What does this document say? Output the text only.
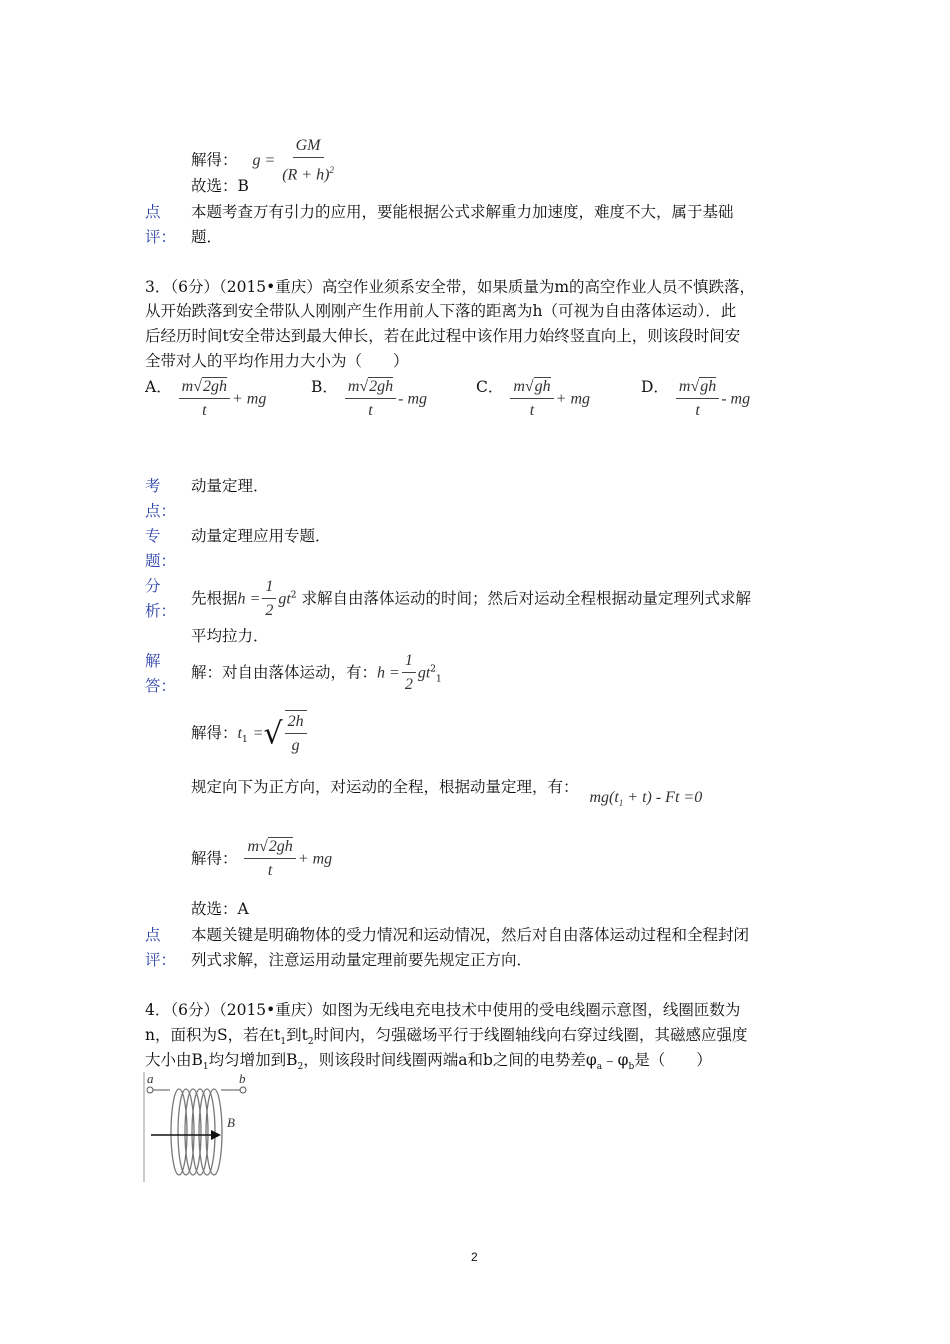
解得： $g = \frac{GM}{(R + h)^2}$
故选：B
点
评：
本题考查万有引力的应用，要能根据公式求解重力加速度，难度不大，属于基础
题．
3．（6分）（2015•重庆）高空作业须系安全带，如果质量为m的高空作业人员不慎跌落，
从开始跌落到安全带队人刚刚产生作用前人下落的距离为h（可视为自由落体运动）．此
后经历时间t安全带达到最大伸长，若在此过程中该作用力始终竖直向上，则该段时间安
全带对人的平均作用力大小为（　　）
A． $\frac{m√2gh}{t}$ + mg
B． $\frac{m√2gh}{t}$ - mg
C． $\frac{m√gh}{t}$ + mg
D． $\frac{m√gh}{t}$ - mg
考
点：
动量定理．
专
题：
动量定理应用专题．
分
析：
先根据$h = \frac{1}{2} gt^2$ 求解自由落体运动的时间；然后对运动全程根据动量定理列式求解
平均拉力．
解
答：
解：对自由落体运动，有：$h = \frac{1}{2} gt^2_1$
解得：$t_1$ =√ $\frac{2h}{g}$
规定向下为正方向，对运动的全程，根据动量定理，有： $mg(t_1 + t) - Ft =0$
解得： $\frac{m√2gh}{t}$ + mg
故选：A
点
评：
本题关键是明确物体的受力情况和运动情况，然后对自由落体运动过程和全程封闭
列式求解，注意运用动量定理前要先规定正方向．
4．（6分）（2015•重庆）如图为无线电充电技术中使用的受电线圈示意图，线圈匝数为
n，面积为S，若在$t_1$到$t_2$时间内，匀强磁场平行于线圈轴线向右穿过线圈，其磁感应强度
大小由$B_1$均匀增加到$B_2$，则该段时间线圈两端a和b之间的电势差$\varphi_a﹣\varphi_b$是（　　）
a	b
B
2
